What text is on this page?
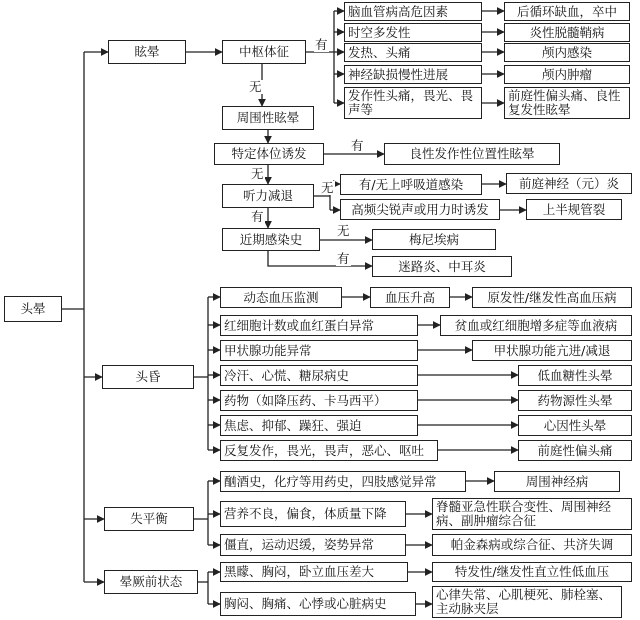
头晕
眩晕
头昏
失平衡
晕厥前状态
中枢体征
脑血管病高危因素
时空多发性
发热、头痛
神经缺损慢性进展
发作性头痛，畏光、畏声等
后循环缺血，卒中
炎性脱髓鞘病
颅内感染
颅内肿瘤
前庭性偏头痛、良性复发性眩晕
周围性眩晕
特定体位诱发	良性发作性位置性眩晕
听力减退
有/无上呼吸道感染	前庭神经（元）炎
高频尖锐声或用力时诱发	上半规管裂
近期感染史	梅尼埃病
迷路炎、中耳炎
动态血压监测	血压升高	原发性/继发性高血压病
红细胞计数或血红蛋白异常
甲状腺功能异常
冷汗、心慌、糖尿病史
药物（如降压药、卡马西平）
焦虑、抑郁、躁狂、强迫
反复发作，畏光，畏声，恶心、呕吐
贫血或红细胞增多症等血液病
甲状腺功能亢进/减退
低血糖性头晕
药物源性头晕
心因性头晕
前庭性偏头痛
酗酒史，化疗等用药史，四肢感觉异常
营养不良，偏食，体质量下降
僵直，运动迟缓，姿势异常
周围神经病
脊髓亚急性联合变性、周围神经病、副肿瘤综合征
帕金森病或综合征、共济失调
黑矇、胸闷，卧立血压差大
胸闷、胸痛、心悸或心脏病史
特发性/继发性直立性低血压
心律失常、心肌梗死、肺栓塞、主动脉夹层
有
无
有
无
无
有
无
有
